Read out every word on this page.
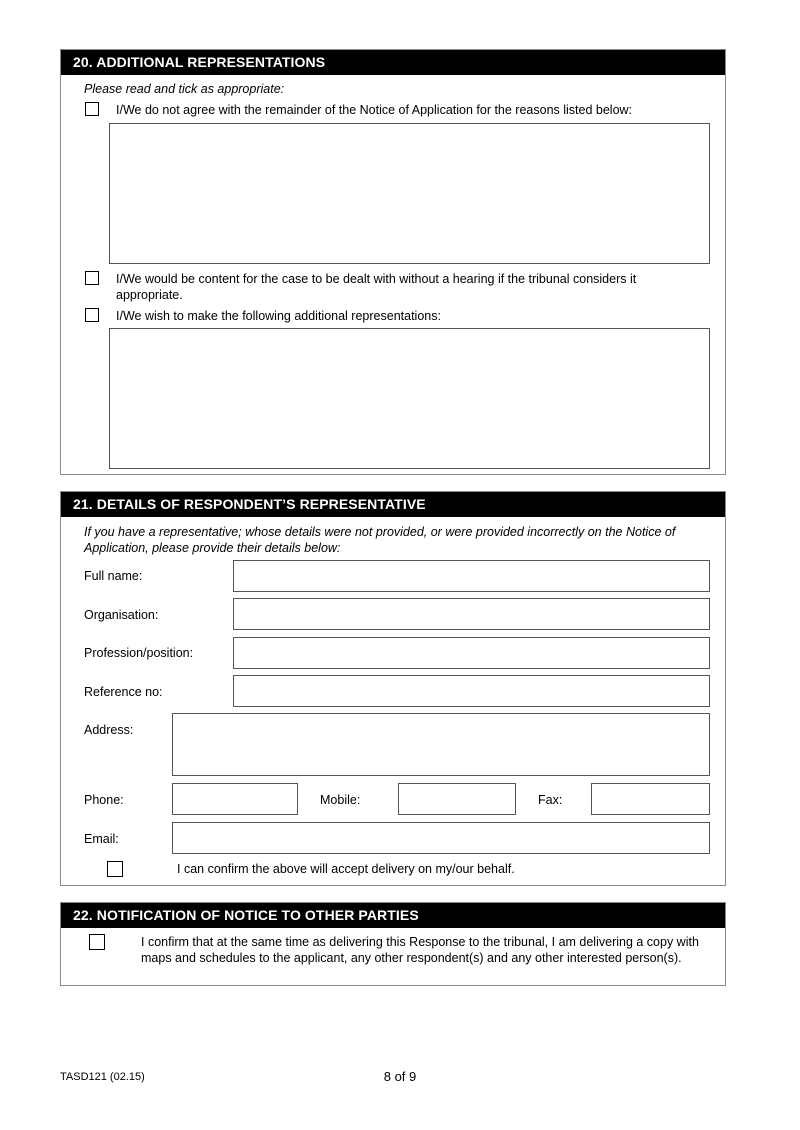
20. ADDITIONAL REPRESENTATIONS
Please read and tick as appropriate:
I/We do not agree with the remainder of the Notice of Application for the reasons listed below:
I/We would be content for the case to be dealt with without a hearing if the tribunal considers it appropriate.
I/We wish to make the following additional representations:
21. DETAILS OF RESPONDENT’S REPRESENTATIVE
If you have a representative; whose details were not provided, or were provided incorrectly on the Notice of Application, please provide their details below:
Full name:
Organisation:
Profession/position:
Reference no:
Address:
Phone:	Mobile:	Fax:
Email:
I can confirm the above will accept delivery on my/our behalf.
22. NOTIFICATION OF NOTICE TO OTHER PARTIES
I confirm that at the same time as delivering this Response to the tribunal, I am delivering a copy with maps and schedules to the applicant, any other respondent(s) and any other interested person(s).
TASD121 (02.15)	8 of 9
